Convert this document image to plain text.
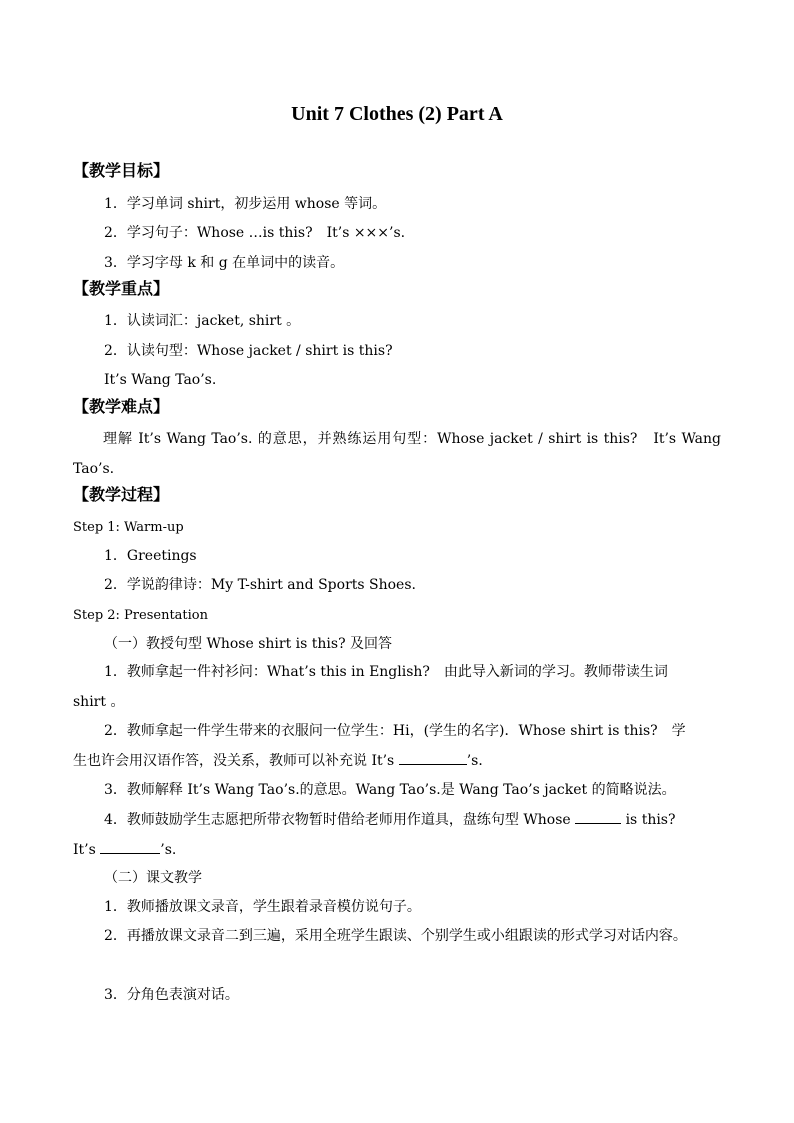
Unit 7 Clothes (2) Part A
【教学目标】
1．学习单词 shirt，初步运用 whose 等词。
2．学习句子：Whose …is this?　It’s ×××’s.
3．学习字母 k 和 g 在单词中的读音。
【教学重点】
1．认读词汇：jacket, shirt 。
2．认读句型：Whose jacket / shirt is this?
It’s Wang Tao’s.
【教学难点】
理解 It’s Wang Tao’s. 的意思，并熟练运用句型：Whose jacket / shirt is this?　It’s Wang Tao’s.
【教学过程】
Step 1: Warm-up
1．Greetings
2．学说韵律诗：My T-shirt and Sports Shoes.
Step 2: Presentation
（一）教授句型 Whose shirt is this? 及回答
1．教师拿起一件衬衫问：What’s this in English?　由此导入新词的学习。教师带读生词
shirt 。
2．教师拿起一件学生带来的衣服问一位学生：Hi，(学生的名字)．Whose shirt is this?　学
生也许会用汉语作答，没关系，教师可以补充说 It’s	’s．
3．教师解释 It’s Wang Tao’s.的意思。Wang Tao’s.是 Wang Tao’s jacket 的简略说法。
4．教师鼓励学生志愿把所带衣物暂时借给老师用作道具，盘练句型 Whose	is this?
It’s	’s.
（二）课文教学
1．教师播放课文录音，学生跟着录音模仿说句子。
2．再播放课文录音二到三遍，采用全班学生跟读、个别学生或小组跟读的形式学习对话内容。
3．分角色表演对话。
